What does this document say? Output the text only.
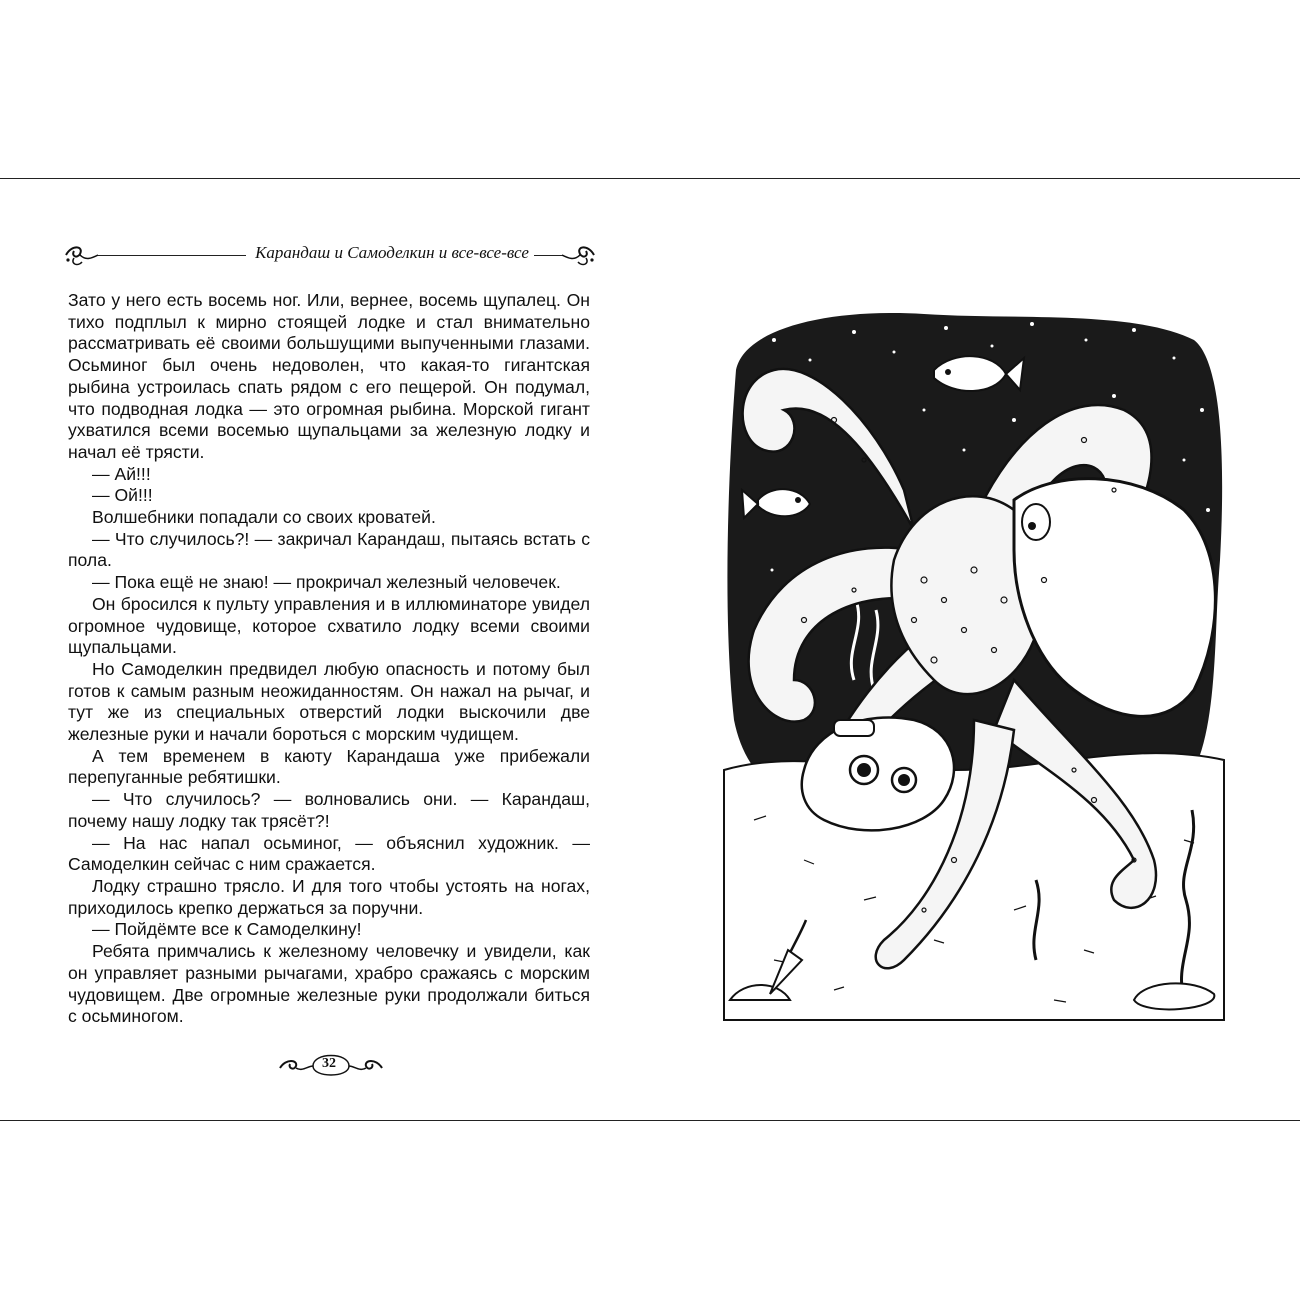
Карандаш и Самоделкин и все-все-все

Зато у него есть восемь ног. Или, вернее, восемь щупалец. Он тихо подплыл к мирно стоящей лодке и стал внимательно рассматривать её своими большущими выпученными глазами. Осьминог был очень недоволен, что какая-то гигантская рыбина устроилась спать рядом с его пещерой. Он подумал, что подводная лодка — это огромная рыбина. Морской гигант ухватился всеми восемью щупальцами за железную лодку и начал её трясти.

— Ай!!!

— Ой!!!

Волшебники попадали со своих кроватей.

— Что случилось?! — закричал Карандаш, пытаясь встать с пола.

— Пока ещё не знаю! — прокричал железный человечек.

Он бросился к пульту управления и в иллюминаторе увидел огромное чудовище, которое схватило лодку всеми своими щупальцами.

Но Самоделкин предвидел любую опасность и потому был готов к самым разным неожиданностям. Он нажал на рычаг, и тут же из специальных отверстий лодки выскочили две железные руки и начали бороться с морским чудищем.

А тем временем в каюту Карандаша уже прибежали перепуганные ребятишки.

— Что случилось? — волновались они. — Карандаш, почему нашу лодку так трясёт?!

— На нас напал осьминог, — объяснил художник. — Самоделкин сейчас с ним сражается.

Лодку страшно трясло. И для того чтобы устоять на ногах, приходилось крепко держаться за поручни.

— Пойдёмте все к Самоделкину!

Ребята примчались к железному человечку и увидели, как он управляет разными рычагами, храбро сражаясь с морским чудовищем. Две огромные железные руки продолжали биться с осьминогом.

32
